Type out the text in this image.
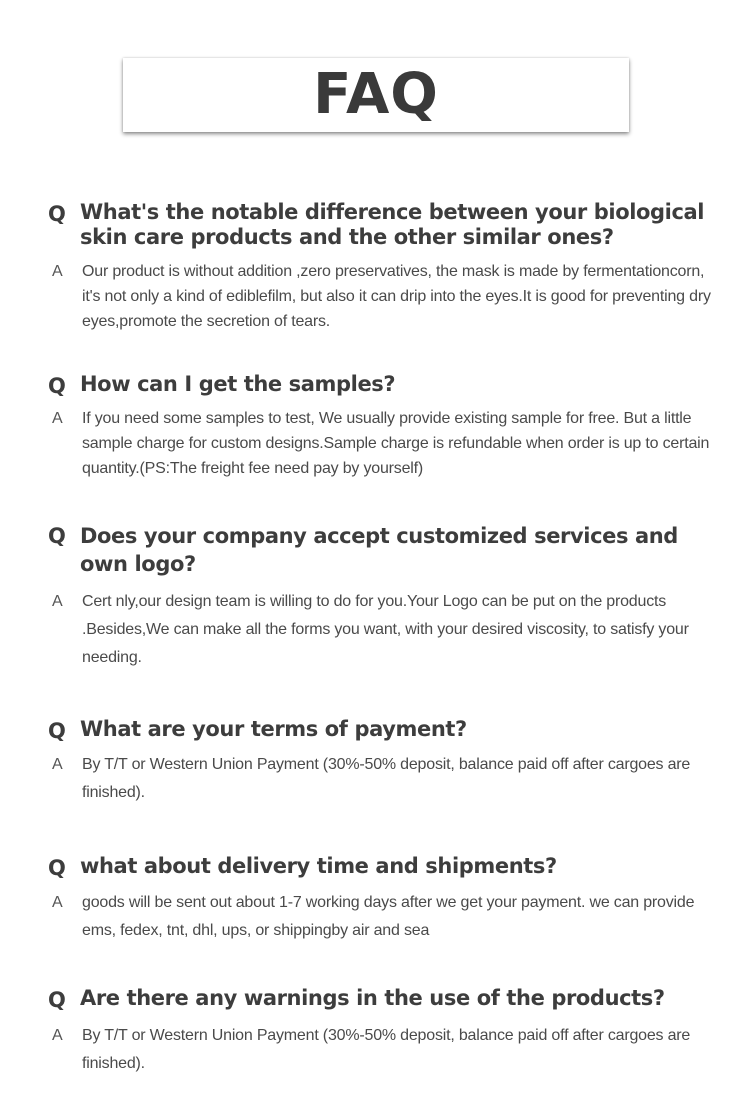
FAQ
Q What's the notable difference between your biological skin care products and the other similar ones?
A Our product is without addition ,zero preservatives, the mask is made by fermentationcorn, it's not only a kind of ediblefilm, but also it can drip into the eyes.It is good for preventing dry eyes,promote the secretion of tears.
Q How can I get the samples?
A If you need some samples to test, We usually provide existing sample for free. But a little sample charge for custom designs.Sample charge is refundable when order is up to certain quantity.(PS:The freight fee need pay by yourself)
Q Does your company accept customized services and own logo?
A Cert nly,our design team is willing to do for you.Your Logo can be put on the products .Besides,We can make all the forms you want, with your desired viscosity, to satisfy your needing.
Q What are your terms of payment?
A By T/T or Western Union Payment (30%-50% deposit, balance paid off after cargoes are finished).
Q what about delivery time and shipments?
A goods will be sent out about 1-7 working days after we get your payment. we can provide ems, fedex, tnt, dhl, ups, or shippingby air and sea
Q Are there any warnings in the use of the products?
A By T/T or Western Union Payment (30%-50% deposit, balance paid off after cargoes are finished).
